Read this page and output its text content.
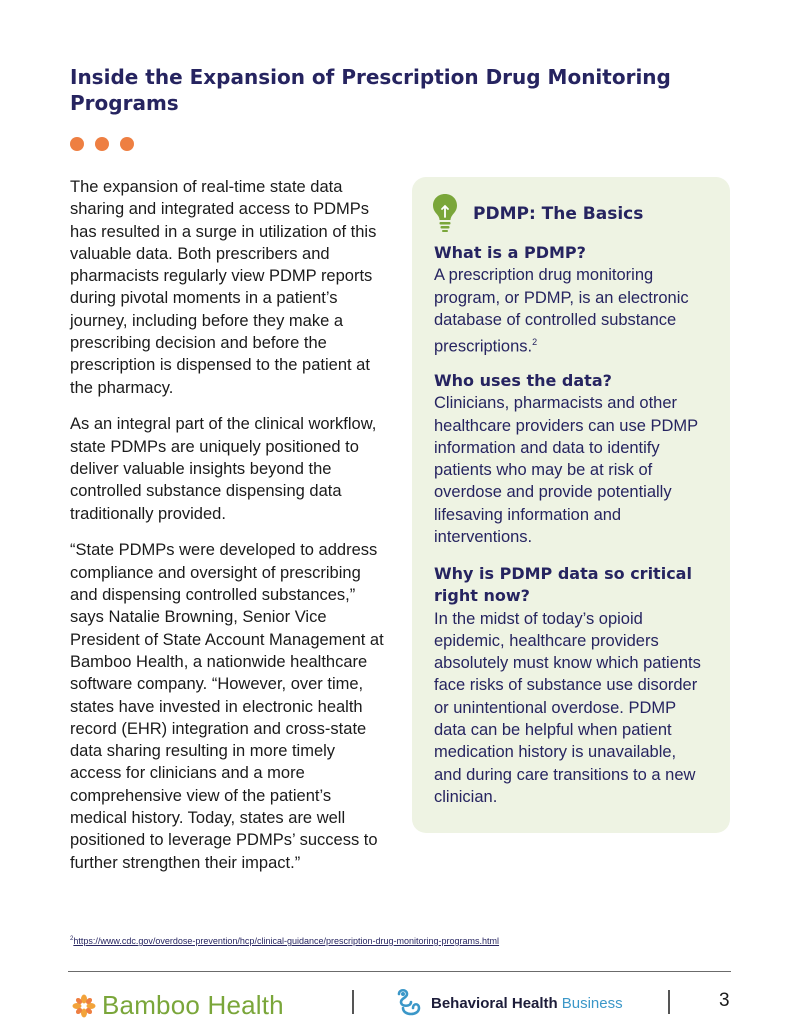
Inside the Expansion of Prescription Drug Monitoring Programs

The expansion of real-time state data sharing and integrated access to PDMPs has resulted in a surge in utilization of this valuable data. Both prescribers and pharmacists regularly view PDMP reports during pivotal moments in a patient’s journey, including before they make a prescribing decision and before the prescription is dispensed to the patient at the pharmacy.

As an integral part of the clinical workflow, state PDMPs are uniquely positioned to deliver valuable insights beyond the controlled substance dispensing data traditionally provided.

“State PDMPs were developed to address compliance and oversight of prescribing and dispensing controlled substances,” says Natalie Browning, Senior Vice President of State Account Management at Bamboo Health, a nationwide healthcare software company. “However, over time, states have invested in electronic health record (EHR) integration and cross-state data sharing resulting in more timely access for clinicians and a more comprehensive view of the patient’s medical history. Today, states are well positioned to leverage PDMPs’ success to further strengthen their impact.”

PDMP: The Basics
What is a PDMP?
A prescription drug monitoring program, or PDMP, is an electronic database of controlled substance prescriptions.$^2$
Who uses the data?
Clinicians, pharmacists and other healthcare providers can use PDMP information and data to identify patients who may be at risk of overdose and provide potentially lifesaving information and interventions.
Why is PDMP data so critical right now?
In the midst of today’s opioid epidemic, healthcare providers absolutely must know which patients face risks of substance use disorder or unintentional overdose. PDMP data can be helpful when patient medication history is unavailable, and during care transitions to a new clinician.
$^2$https://www.cdc.gov/overdose-prevention/hcp/clinical-guidance/prescription-drug-monitoring-programs.html
Bamboo Health	Behavioral Health Business	3
